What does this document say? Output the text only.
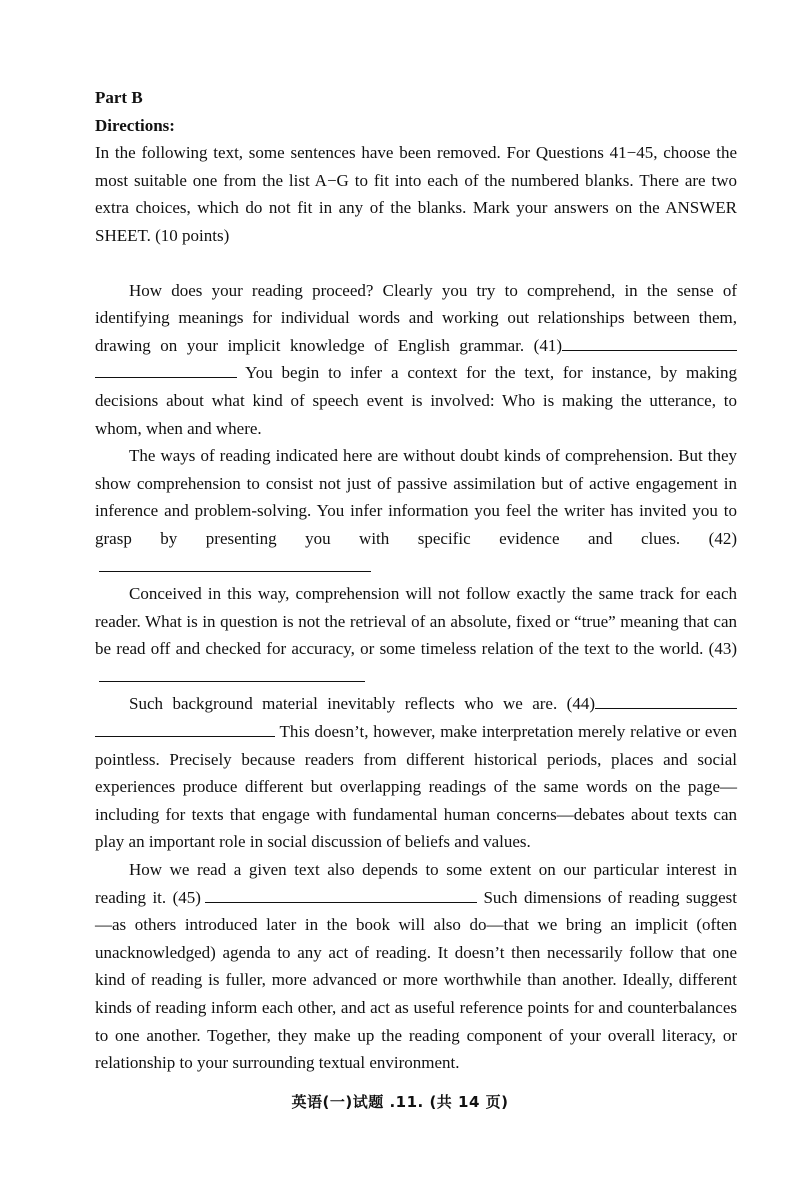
Part B
Directions:

In the following text, some sentences have been removed. For Questions 41−45, choose the most suitable one from the list A−G to fit into each of the numbered blanks. There are two extra choices, which do not fit in any of the blanks. Mark your answers on the ANSWER SHEET. (10 points)

How does your reading proceed? Clearly you try to comprehend, in the sense of identifying meanings for individual words and working out relationships between them, drawing on your implicit knowledge of English grammar. (41)  You begin to infer a context for the text, for instance, by making decisions about what kind of speech event is involved: Who is making the utterance, to whom, when and where.

The ways of reading indicated here are without doubt kinds of comprehension. But they show comprehension to consist not just of passive assimilation but of active engagement in inference and problem-solving. You infer information you feel the writer has invited you to grasp by presenting you with specific evidence and clues. (42)

Conceived in this way, comprehension will not follow exactly the same track for each reader. What is in question is not the retrieval of an absolute, fixed or “true” meaning that can be read off and checked for accuracy, or some timeless relation of the text to the world. (43)

Such background material inevitably reflects who we are. (44)  This doesn’t, however, make interpretation merely relative or even pointless. Precisely because readers from different historical periods, places and social experiences produce different but overlapping readings of the same words on the page—including for texts that engage with fundamental human concerns—debates about texts can play an important role in social discussion of beliefs and values.

How we read a given text also depends to some extent on our particular interest in reading it. (45)	Such dimensions of reading suggest—as others introduced later in the book will also do—that we bring an implicit (often unacknowledged) agenda to any act of reading. It doesn’t then necessarily follow that one kind of reading is fuller, more advanced or more worthwhile than another. Ideally, different kinds of reading inform each other, and act as useful reference points for and counterbalances to one another. Together, they make up the reading component of your overall literacy, or relationship to your surrounding textual environment.

英语(一)试题 .11. (共 14 页)
